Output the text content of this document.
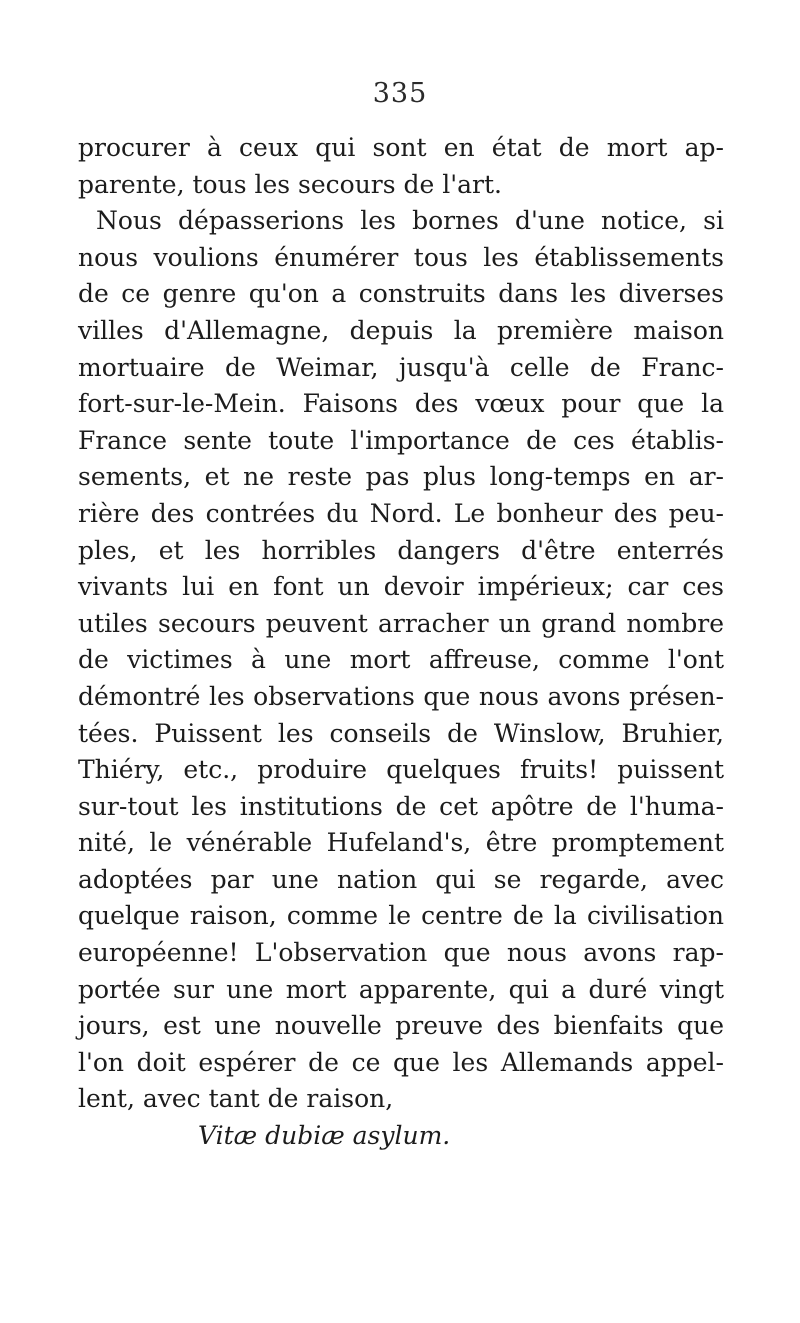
335
procurer à ceux qui sont en état de mort ap-
parente, tous les secours de l'art.
Nous dépasserions les bornes d'une notice, si
nous voulions énumérer tous les établissements
de ce genre qu'on a construits dans les diverses
villes d'Allemagne, depuis la première maison
mortuaire de Weimar, jusqu'à celle de Franc-
fort-sur-le-Mein. Faisons des vœux pour que la
France sente toute l'importance de ces établis-
sements, et ne reste pas plus long-temps en ar-
rière des contrées du Nord. Le bonheur des peu-
ples, et les horribles dangers d'être enterrés
vivants lui en font un devoir impérieux; car ces
utiles secours peuvent arracher un grand nombre
de victimes à une mort affreuse, comme l'ont
démontré les observations que nous avons présen-
tées. Puissent les conseils de Winslow, Bruhier,
Thiéry, etc., produire quelques fruits! puissent
sur-tout les institutions de cet apôtre de l'huma-
nité, le vénérable Hufeland's, être promptement
adoptées par une nation qui se regarde, avec
quelque raison, comme le centre de la civilisation
européenne! L'observation que nous avons rap-
portée sur une mort apparente, qui a duré vingt
jours, est une nouvelle preuve des bienfaits que
l'on doit espérer de ce que les Allemands appel-
lent, avec tant de raison,
Vitæ dubiæ asylum.
